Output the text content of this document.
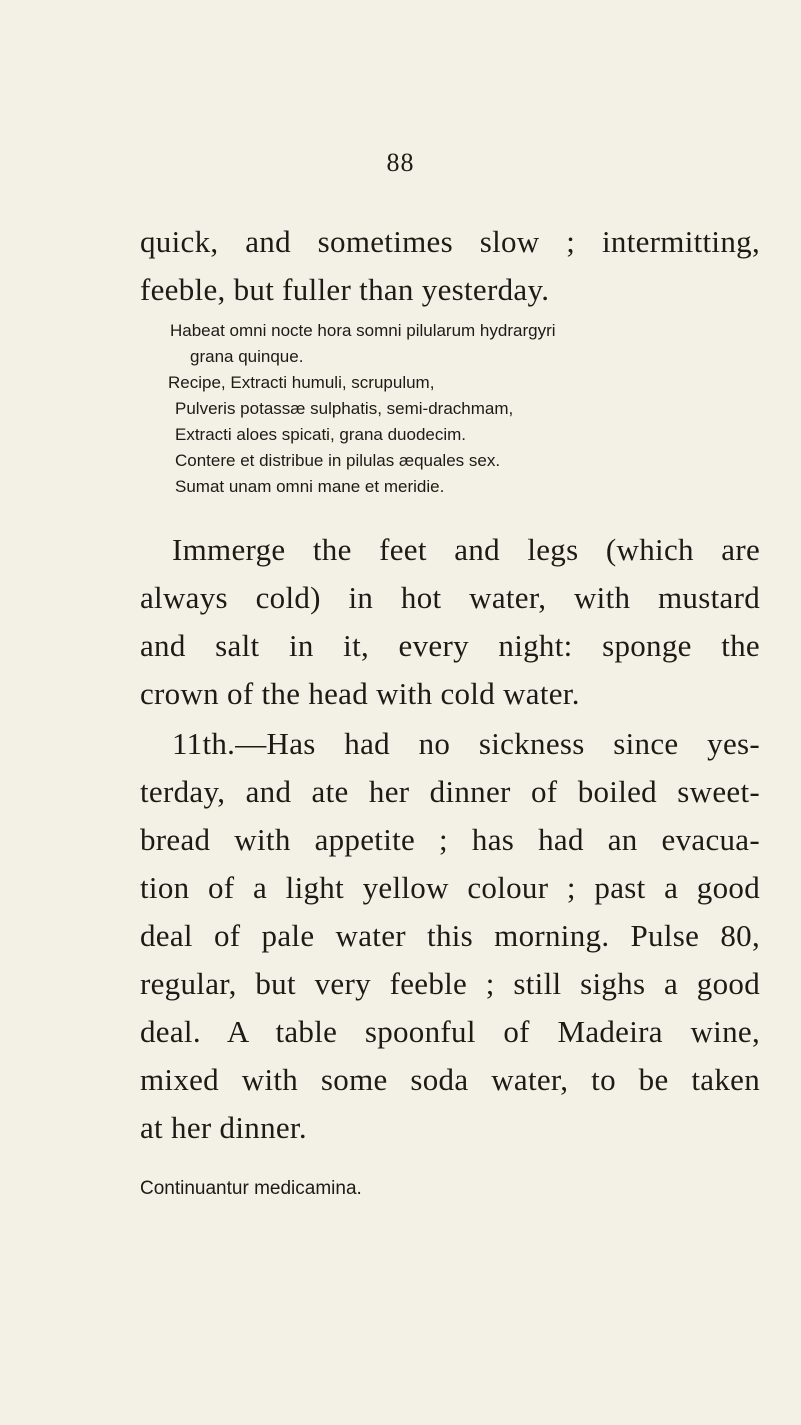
88
quick, and sometimes slow ; intermitting,
feeble, but fuller than yesterday.
Habeat omni nocte hora somni pilularum hydrargyri
grana quinque.
Recipe, Extracti humuli, scrupulum,
Pulveris potassæ sulphatis, semi-drachmam,
Extracti aloes spicati, grana duodecim.
Contere et distribue in pilulas æquales sex.
Sumat unam omni mane et meridie.
Immerge the feet and legs (which are
always cold) in hot water, with mustard
and salt in it, every night: sponge the
crown of the head with cold water.
11th.—Has had no sickness since yes-
terday, and ate her dinner of boiled sweet-
bread with appetite ; has had an evacua-
tion of a light yellow colour ; past a good
deal of pale water this morning. Pulse 80,
regular, but very feeble ; still sighs a good
deal. A table spoonful of Madeira wine,
mixed with some soda water, to be taken
at her dinner.
Continuantur medicamina.
